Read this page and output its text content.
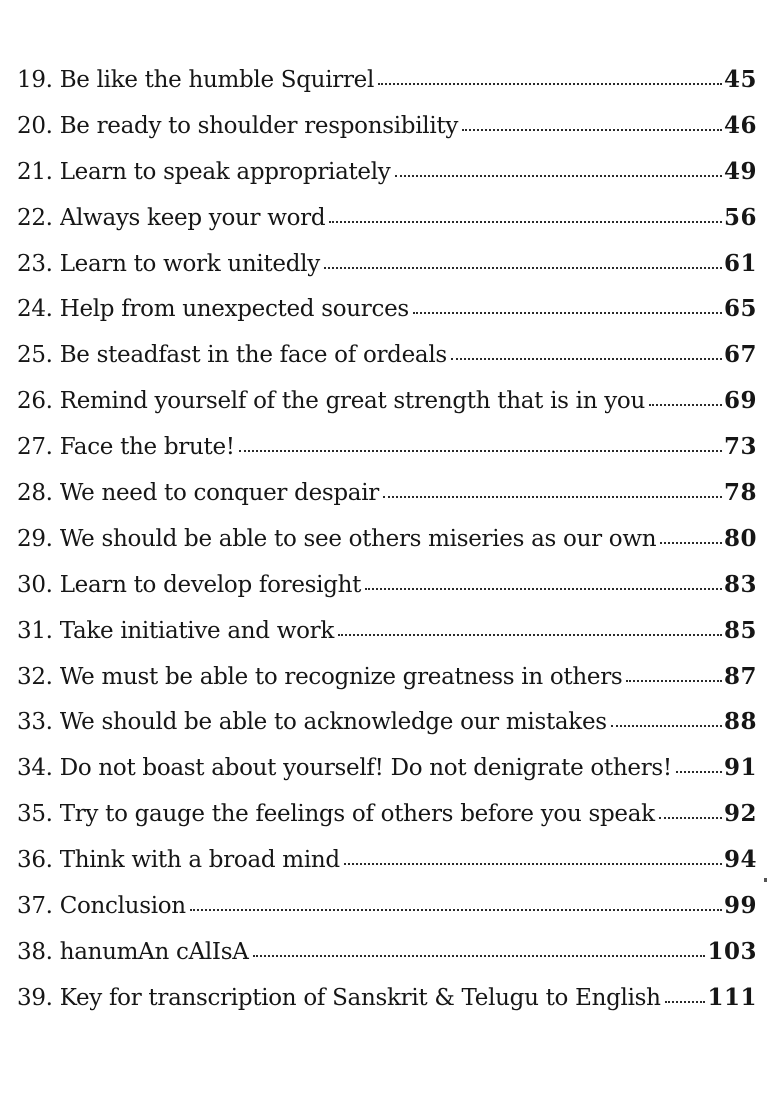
19. Be like the humble Squirrel	45
20. Be ready to shoulder responsibility	46
21. Learn to speak appropriately	49
22. Always keep your word	56
23. Learn to work unitedly	61
24. Help from unexpected sources	65
25. Be steadfast in the face of ordeals	67
26. Remind yourself of the great strength that is in you	69
27. Face the brute!	73
28. We need to conquer despair	78
29. We should be able to see others miseries as our own	80
30. Learn to develop foresight	83
31. Take initiative and work	85
32. We must be able to recognize greatness in others	87
33. We should be able to acknowledge our mistakes	88
34. Do not boast about yourself! Do not denigrate others! 91
35. Try to gauge the feelings of others before you speak	92
36. Think with a broad mind	94
37. Conclusion	99
38. hanumAn cAlIsA	103
39. Key for transcription of Sanskrit & Telugu to English 111
